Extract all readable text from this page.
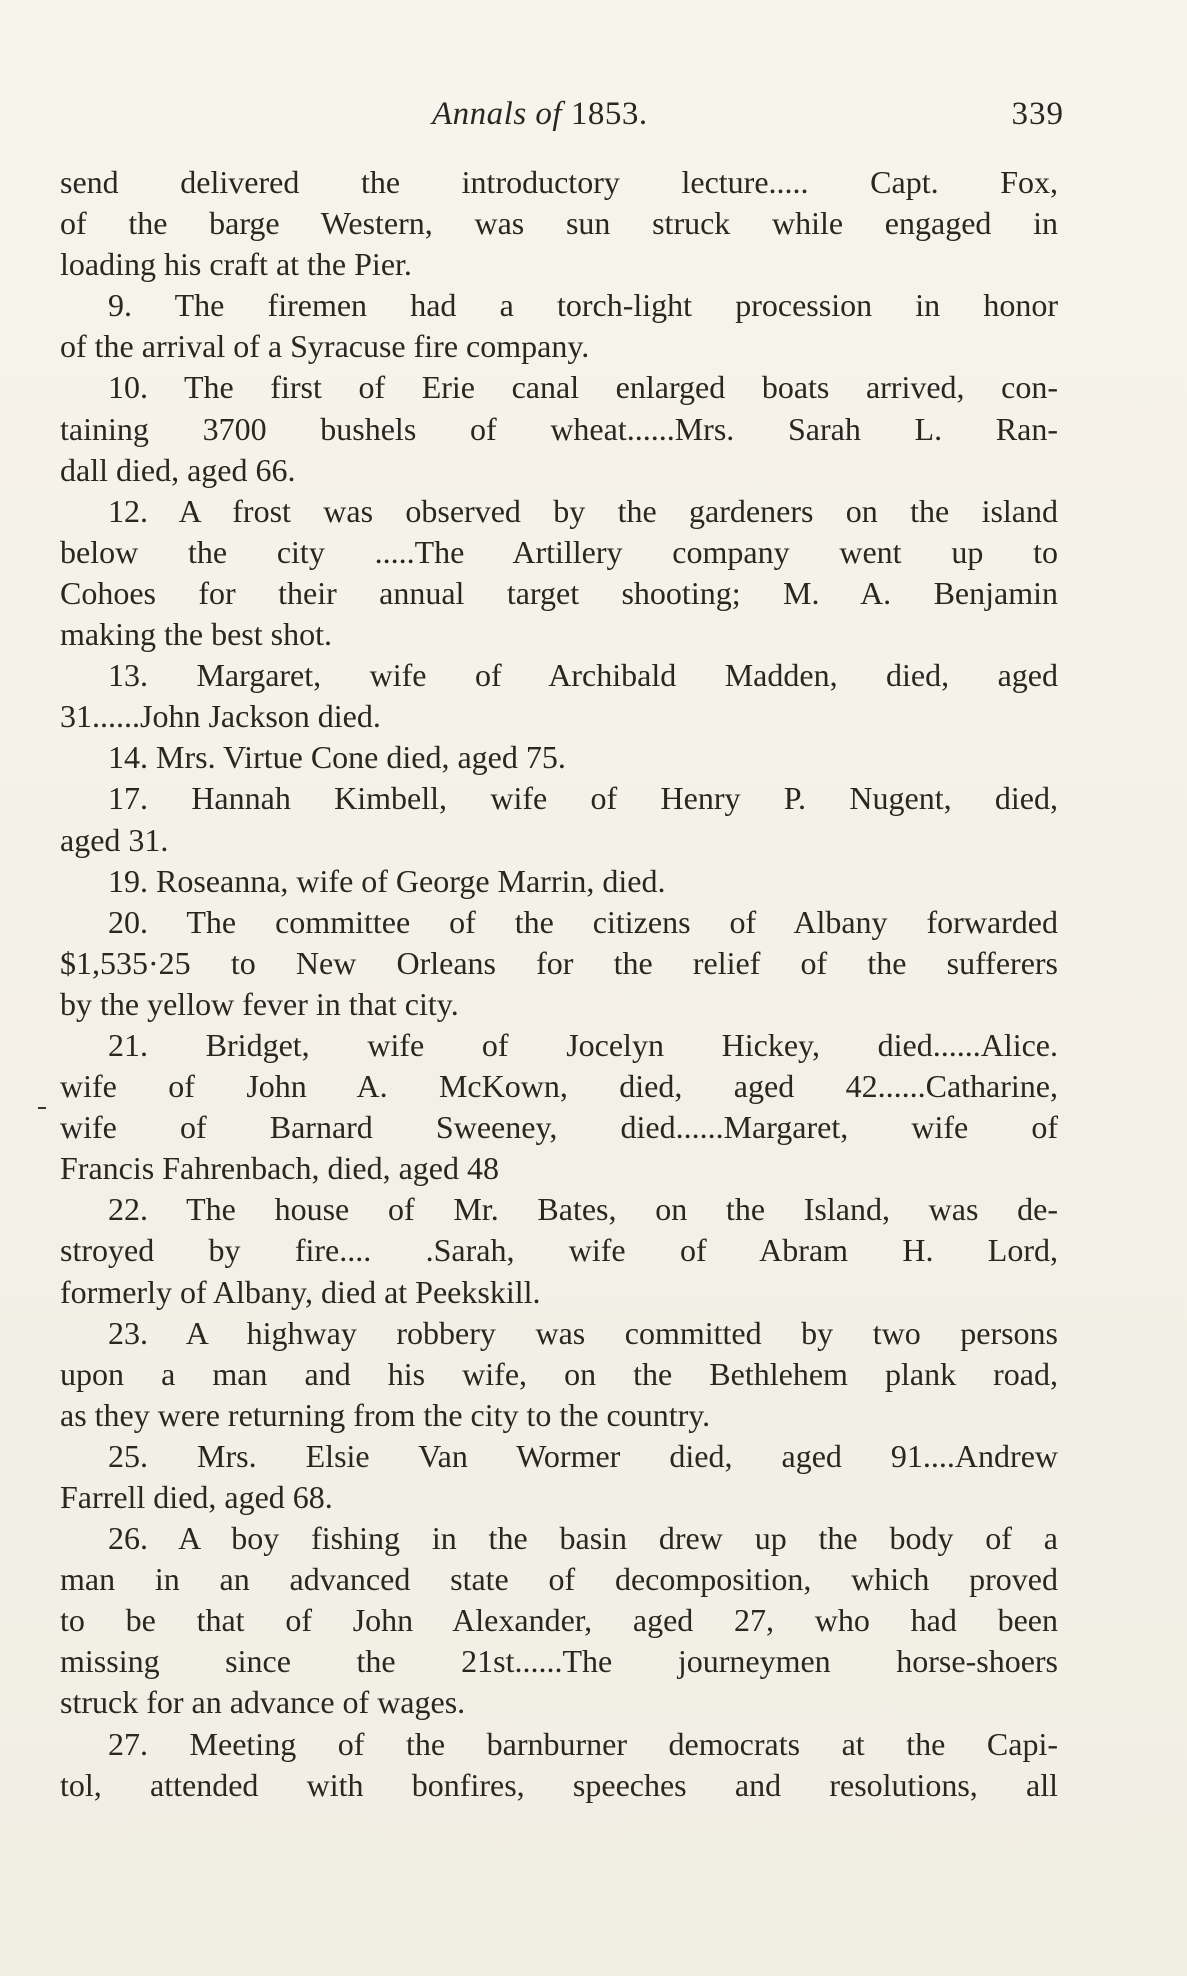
Annals of 1853.	339
send delivered the introductory lecture..... Capt. Fox,
of the barge Western, was sun struck while engaged in
loading his craft at the Pier.
9. The firemen had a torch-light procession in honor
of the arrival of a Syracuse fire company.
10. The first of Erie canal enlarged boats arrived, con-
taining 3700 bushels of wheat......Mrs. Sarah L. Ran-
dall died, aged 66.
12. A frost was observed by the gardeners on the island
below the city .....The Artillery company went up to
Cohoes for their annual target shooting; M. A. Benjamin
making the best shot.
13. Margaret, wife of Archibald Madden, died, aged
31......John Jackson died.
14. Mrs. Virtue Cone died, aged 75.
17. Hannah Kimbell, wife of Henry P. Nugent, died,
aged 31.
19. Roseanna, wife of George Marrin, died.
20. The committee of the citizens of Albany forwarded
$1,535·25 to New Orleans for the relief of the sufferers
by the yellow fever in that city.
21. Bridget, wife of Jocelyn Hickey, died......Alice.
wife of John A. McKown, died, aged 42......Catharine,
wife of Barnard Sweeney, died......Margaret, wife of
Francis Fahrenbach, died, aged 48
22. The house of Mr. Bates, on the Island, was de-
stroyed by fire.... .Sarah, wife of Abram H. Lord,
formerly of Albany, died at Peekskill.
23. A highway robbery was committed by two persons
upon a man and his wife, on the Bethlehem plank road,
as they were returning from the city to the country.
25. Mrs. Elsie Van Wormer died, aged 91....Andrew
Farrell died, aged 68.
26. A boy fishing in the basin drew up the body of a
man in an advanced state of decomposition, which proved
to be that of John Alexander, aged 27, who had been
missing since the 21st......The journeymen horse-shoers
struck for an advance of wages.
27. Meeting of the barnburner democrats at the Capi-
tol, attended with bonfires, speeches and resolutions, all
